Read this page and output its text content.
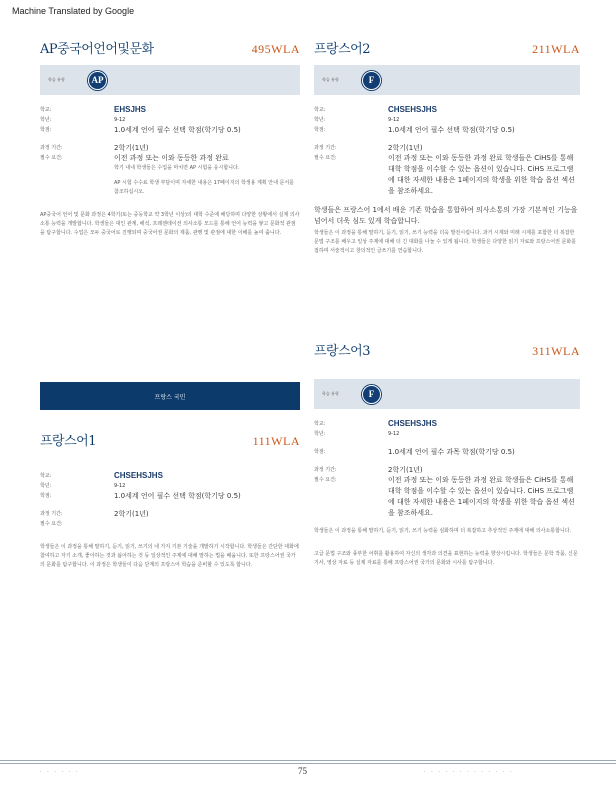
Machine Translated by Google
AP중국어언어및문화	495WLA
학습 유형	AP
학교:	EHSJHS
학년:	9-12
학점:	1.0세계 언어 필수 선택 학점(학기당 0.5)
과정 기간:	2학기(1년)
필수 요건:	이전 과정 또는 이와 동등한 과정 완료
학기 내내 학생들은 수업을 마치면 AP 시험을 응시합니다.
AP 시험 수수료 학생 부담이며 자세한 내용은 17페이지의 학생용 계획 안내 문서를 참조하십시오.
AP중국어 언어 및 문화 과정은 4학기(또는 중등학교 약 3학년 이상)의 대학 수준에 해당하며 다양한 상황에서 실제 의사소통 능력을 개발합니다. 학생들은 대인 관계, 해석, 프레젠테이션 의사소통 모드를 통해 언어 능력을 쌓고 문화적 관점을 탐구합니다. 수업은 모두 중국어로 진행되며 중국어권 문화의 제품, 관행 및 관점에 대한 이해를 높여 줍니다.
프랑스 국민
프랑스어1	111WLA
학교:	CHSEHSJHS
학년:	9-12
학점:	1.0세계 언어 필수 선택 학점(학기당 0.5)
과정 기간:	2학기(1년)
필수 요건:
학생들은 이 과정을 통해 말하기, 듣기, 읽기, 쓰기의 네 가지 기본 기술을 개발하기 시작합니다. 학생들은 간단한 대화에 참여하고 자기 소개, 좋아하는 것과 싫어하는 것 등 일상적인 주제에 대해 말하는 법을 배웁니다. 또한 프랑스어권 국가의 문화를 탐구합니다. 이 과정은 학생들이 다음 단계의 프랑스어 학습을 준비할 수 있도록 합니다.
프랑스어2	211WLA
학습 유형	F
학교:	CHSEHSJHS
학년:	9-12
학점:	1.0세계 언어 필수 선택 학점(학기당 0.5)
과정 기간:	2학기(1년)
필수 요건:	이전 과정 또는 이와 동등한 과정 완료 학생들은 CiHS를 통해 대학 학점을 이수할 수 있는 옵션이 있습니다. CiHS 프로그램에 대한 자세한 내용은 1페이지의 학생을 위한 학습 옵션 섹션을 참조하세요.
학생들은 프랑스어 1에서 배운 기존 학습을 통합하여 의사소통의 가장 기본적인 기능을 넘어서 더욱 심도 있게 학습합니다.
학생들은 이 과정을 통해 말하기, 듣기, 읽기, 쓰기 능력을 더욱 발전시킵니다. 과거 시제와 미래 시제를 포함한 더 복잡한 문법 구조를 배우고 일상 주제에 대해 더 긴 대화를 나눌 수 있게 됩니다. 학생들은 다양한 읽기 자료와 프랑스어권 문화를 접하며 서술적이고 창의적인 글쓰기를 연습합니다.
프랑스어3	311WLA
학습 유형	F
학교:	CHSEHSJHS
학년:	9-12
학점:	1.0세계 언어 필수 과목 학점(학기당 0.5)
과정 기간:	2학기(1년)
필수 요건:	이전 과정 또는 이와 동등한 과정 완료 학생들은 CiHS를 통해 대학 학점을 이수할 수 있는 옵션이 있습니다. CiHS 프로그램에 대한 자세한 내용은 1페이지의 학생을 위한 학습 옵션 섹션을 참조하세요.
학생들은 이 과정을 통해 말하기, 듣기, 읽기, 쓰기 능력을 심화하며 더 복잡하고 추상적인 주제에 대해 의사소통합니다.
고급 문법 구조와 풍부한 어휘를 활용하여 자신의 생각과 의견을 표현하는 능력을 향상시킵니다. 학생들은 문학 작품, 신문 기사, 영상 자료 등 실제 자료를 통해 프랑스어권 국가의 문화와 시사를 탐구합니다.
· · · · · ·	75	· · · · · · · · · · · · ·
